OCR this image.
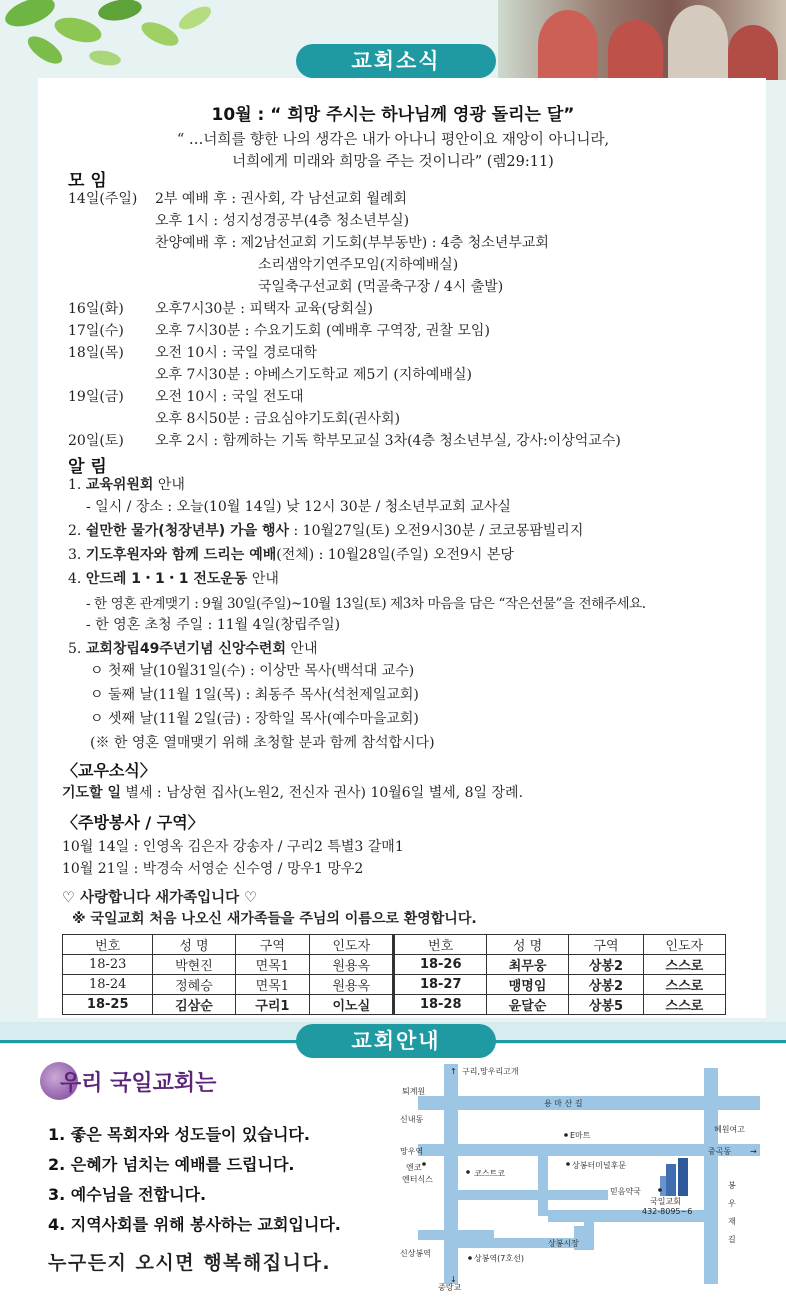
교회소식
10월 : “ 희망 주시는 하나님께 영광 돌리는 달”
“ …너희를 향한 나의 생각은 내가 아나니 평안이요 재앙이 아니니라,
너희에게 미래와 희망을 주는 것이니라” (렘29:11)
모 임
14일(주일) 2부 예배 후 : 권사회, 각 남선교회 월례회
오후 1시 : 성지성경공부(4층 청소년부실)
찬양예배 후 : 제2남선교회 기도회(부부동반) : 4층 청소년부교회
소리샘악기연주모임(지하예배실)
국일축구선교회 (먹골축구장 / 4시 출발)
16일(화) 오후7시30분 : 피택자 교육(당회실)
17일(수) 오후 7시30분 : 수요기도회 (예배후 구역장, 권찰 모임)
18일(목) 오전 10시 : 국일 경로대학
오후 7시30분 : 야베스기도학교 제5기 (지하예배실)
19일(금) 오전 10시 : 국일 전도대
오후 8시50분 : 금요심야기도회(권사회)
20일(토) 오후 2시 : 함께하는 기독 학부모교실 3차(4층 청소년부실, 강사:이상억교수)
알 림
1. 교육위원회 안내
- 일시 / 장소 : 오늘(10월 14일) 낮 12시 30분 / 청소년부교회 교사실
2. 쉴만한 물가(청장년부) 가을 행사 : 10월27일(토) 오전9시30분 / 코코몽팜빌리지
3. 기도후원자와 함께 드리는 예배(전체) : 10월28일(주일) 오전9시 본당
4. 안드레 1・1・1 전도운동 안내
- 한 영혼 관계맺기 : 9월 30일(주일)~10월 13일(토) 제3차 마음을 담은 “작은선물”을 전해주세요.
- 한 영혼 초청 주일 : 11월 4일(창립주일)
5. 교회창립49주년기념 신앙수련회 안내
ㅇ 첫째 날(10월31일(수) : 이상만 목사(백석대 교수)
ㅇ 둘째 날(11월 1일(목) : 최동주 목사(석천제일교회)
ㅇ 셋째 날(11월 2일(금) : 장학일 목사(예수마을교회)
(※ 한 영혼 열매맺기 위해 초청할 분과 함께 참석합시다)
〈교우소식〉
기도할 일 별세 : 남상현 집사(노원2, 전신자 권사) 10월6일 별세, 8일 장례.
〈주방봉사 / 구역〉
10월 14일 : 인영옥 김은자 강송자 / 구리2 특별3 갈매1
10월 21일 : 박경숙 서영순 신수영 / 망우1 망우2
♡ 사랑합니다 새가족입니다 ♡
※ 국일교회 처음 나오신 새가족들을 주님의 이름으로 환영합니다.
번호	성 명	구역	인도자	번호	성 명	구역	인도자
18-23	박현진	면목1	원용옥	18-26	최무웅	상봉2	스스로
18-24	정혜승	면목1	원용옥	18-27	맹명임	상봉2	스스로
18-25	김삼순	구리1	이노실	18-28	윤달순	상봉5	스스로
교회안내
우리 국일교회는
1. 좋은 목회자와 성도들이 있습니다.
2. 은혜가 넘치는 예배를 드립니다.
3. 예수님을 전합니다.
4. 지역사회를 위해 봉사하는 교회입니다.
누구든지 오시면 행복해집니다.
↑ 구리,망우리고개
퇴계원
용 마 산 길
신내동
E마트
혜원여고
망우역	중곡동 →
엔코
엔터식스
코스트코
상봉터미널후문
국일교회
432-8095~6
믿음약국
봉
우
재
길
상봉시장
신상봉역
상봉역(7호선)
↓
중랑교
